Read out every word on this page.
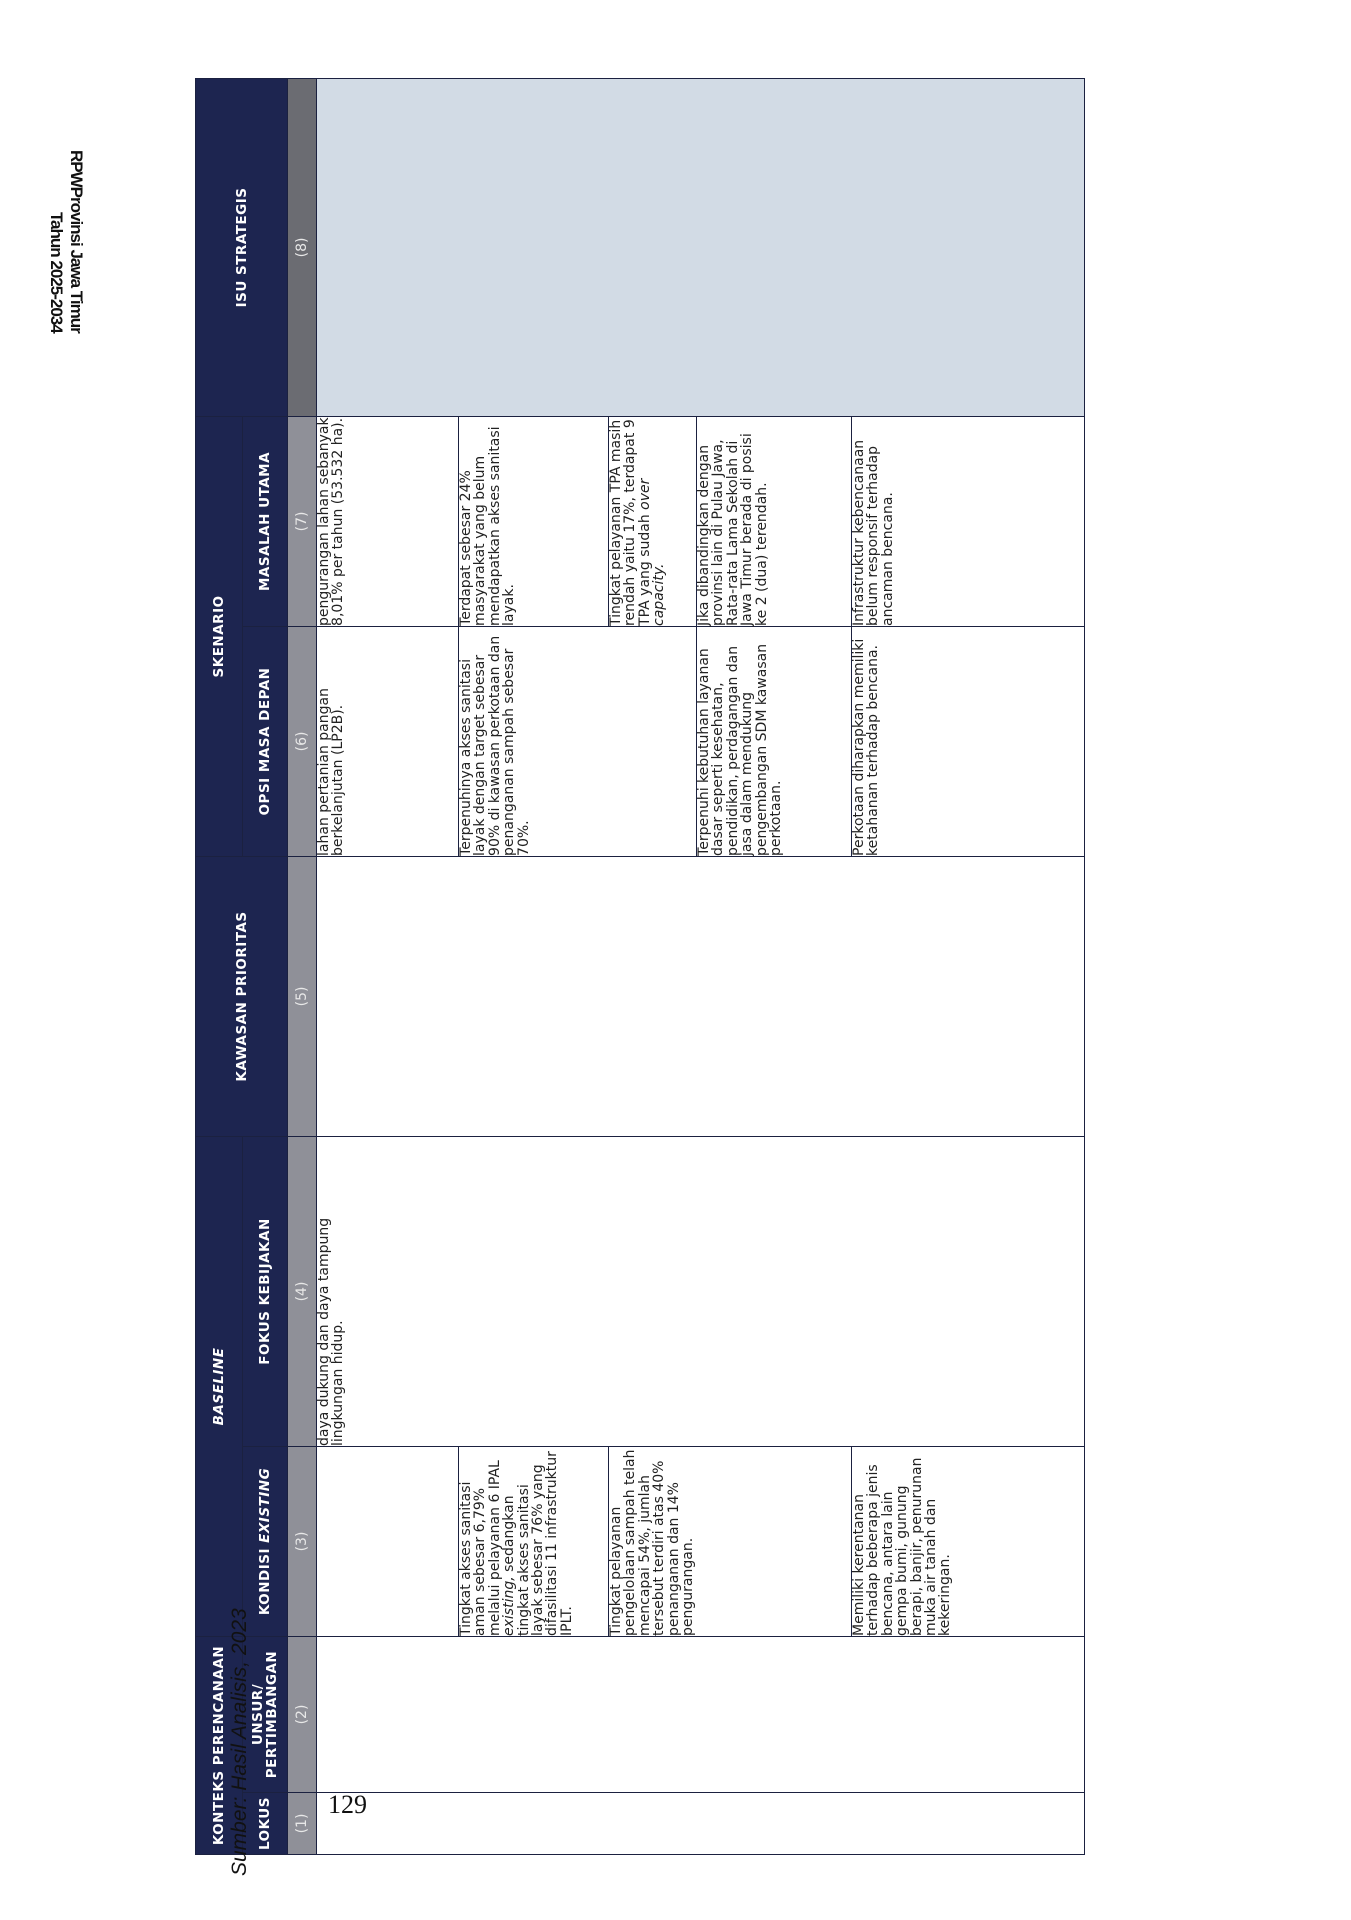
RPWProvinsi Jawa Timur
Tahun 2025-2034
KONTEKS PERENCANAAN		BASELINE		KAWASAN PRIORITAS	SKENARIO		ISU STRATEGIS
LOKUS	UNSUR/ PERTIMBANGAN	KONDISI EXISTING	FOKUS KEBIJAKAN		OPSI MASA DEPAN	MASALAH UTAMA	
(1)	(2)	(3)	(4)	(5)	(6)	(7)	(8)
			daya dukung dan daya tampung lingkungan hidup.		lahan pertanian pangan berkelanjutan (LP2B).	pengurangan lahan sebanyak 8,01% per tahun (53.532 ha).	
		Tingkat akses sanitasi aman sebesar 6,79% melalui pelayanan 6 IPAL existing, sedangkan tingkat akses sanitasi layak sebesar 76% yang difasilitasi 11 infrastruktur IPLT.			Terpenuhinya akses sanitasi layak dengan target sebesar 90% di kawasan perkotaan dan penanganan sampah sebesar 70%.	Terdapat sebesar 24% masyarakat yang belum mendapatkan akses sanitasi layak.	
		Tingkat pelayanan pengelolaan sampah telah mencapai 54%, jumlah tersebut terdiri atas 40% penanganan dan 14% pengurangan.				Tingkat pelayanan TPA masih rendah yaitu 17%, terdapat 9 TPA yang sudah over capacity.	
					Terpenuhi kebutuhan layanan dasar seperti kesehatan, pendidikan, perdagangan dan jasa dalam mendukung pengembangan SDM kawasan perkotaan.	Jika dibandingkan dengan provinsi lain di Pulau Jawa, Rata-rata Lama Sekolah di Jawa Timur berada di posisi ke 2 (dua) terendah.	
		Memiliki kerentanan terhadap beberapa jenis bencana, antara lain gempa bumi, gunung berapi, banjir, penurunan muka air tanah dan kekeringan.			Perkotaan diharapkan memiliki ketahanan terhadap bencana.	Infrastruktur kebencanaan belum responsif terhadap ancaman bencana.	
Sumber: Hasil Analisis, 2023	129
